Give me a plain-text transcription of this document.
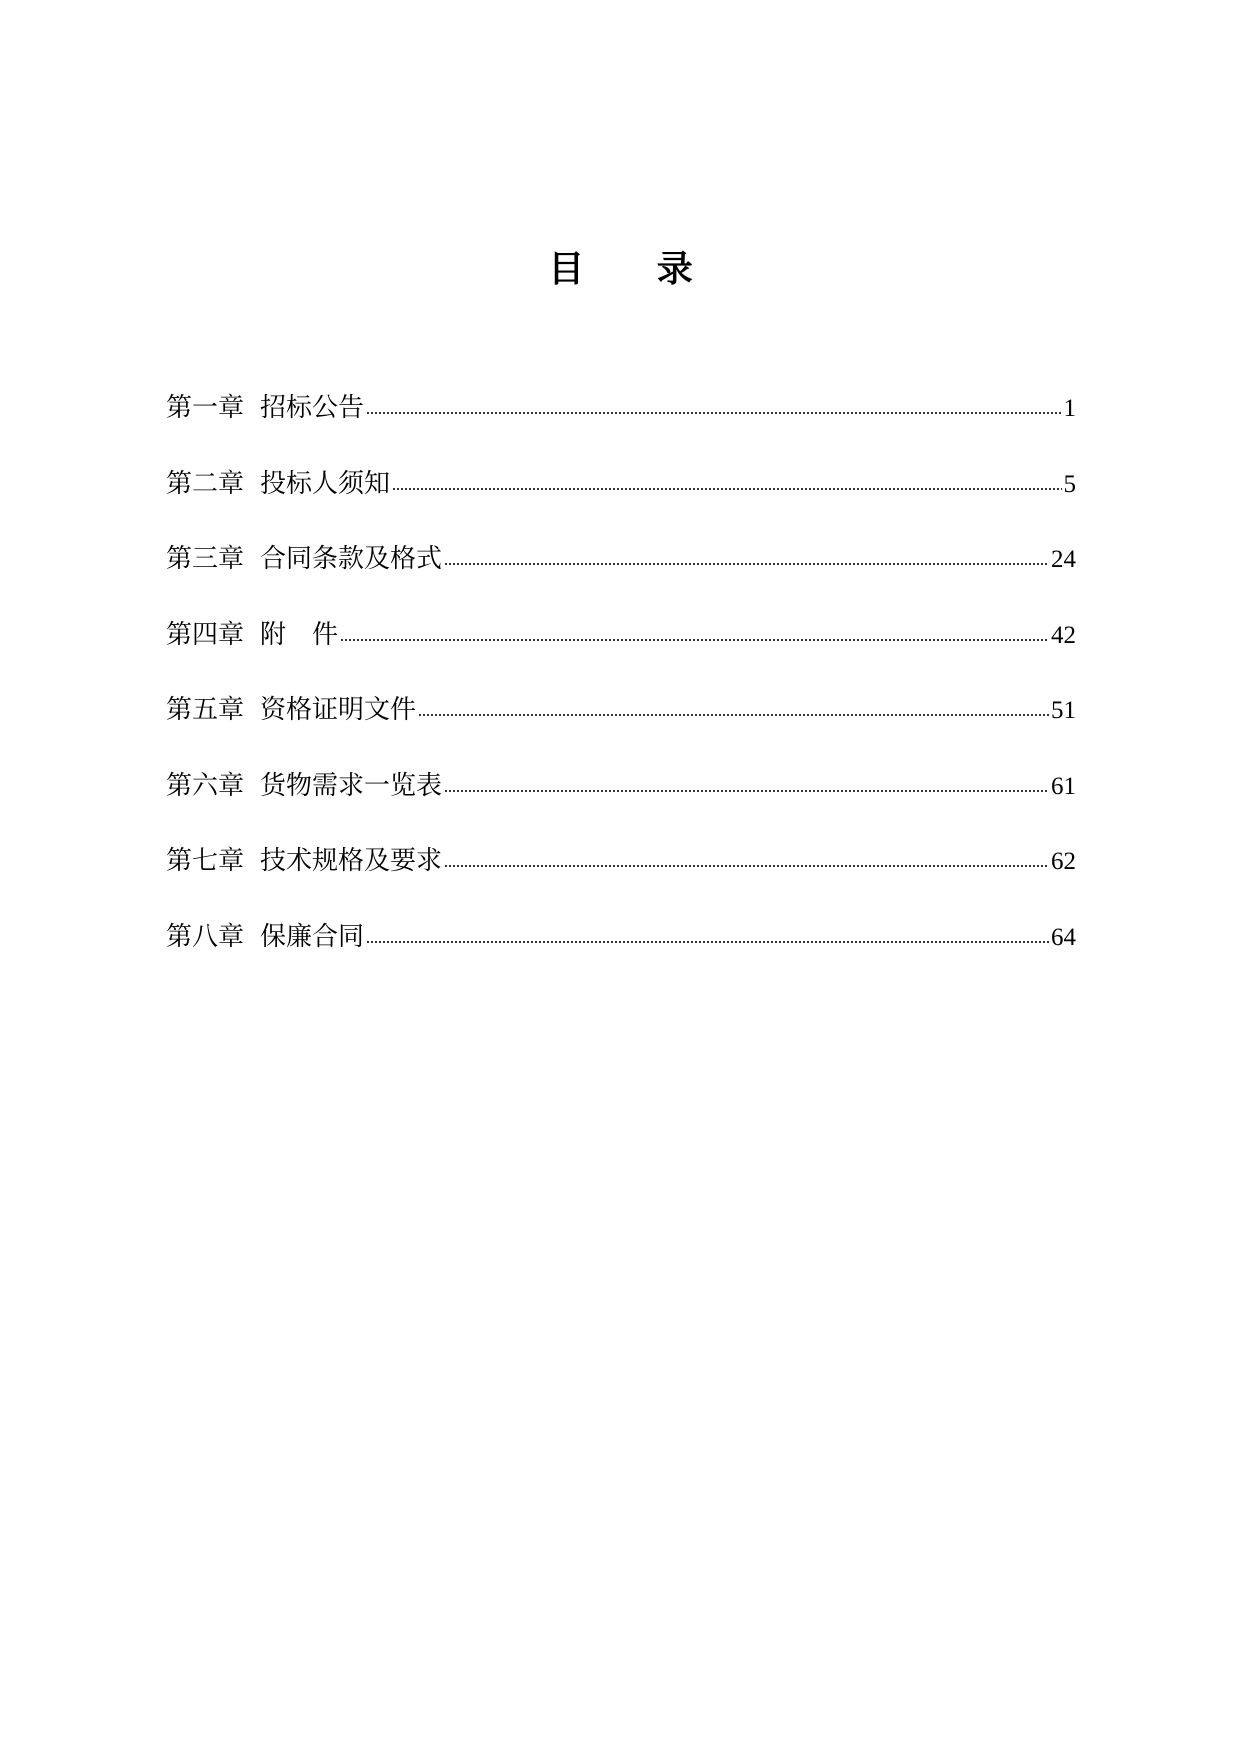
目 录
第一章 招标公告	1
第二章 投标人须知	5
第三章 合同条款及格式	24
第四章 附　件	42
第五章 资格证明文件	51
第六章 货物需求一览表	61
第七章 技术规格及要求	62
第八章 保廉合同	64
